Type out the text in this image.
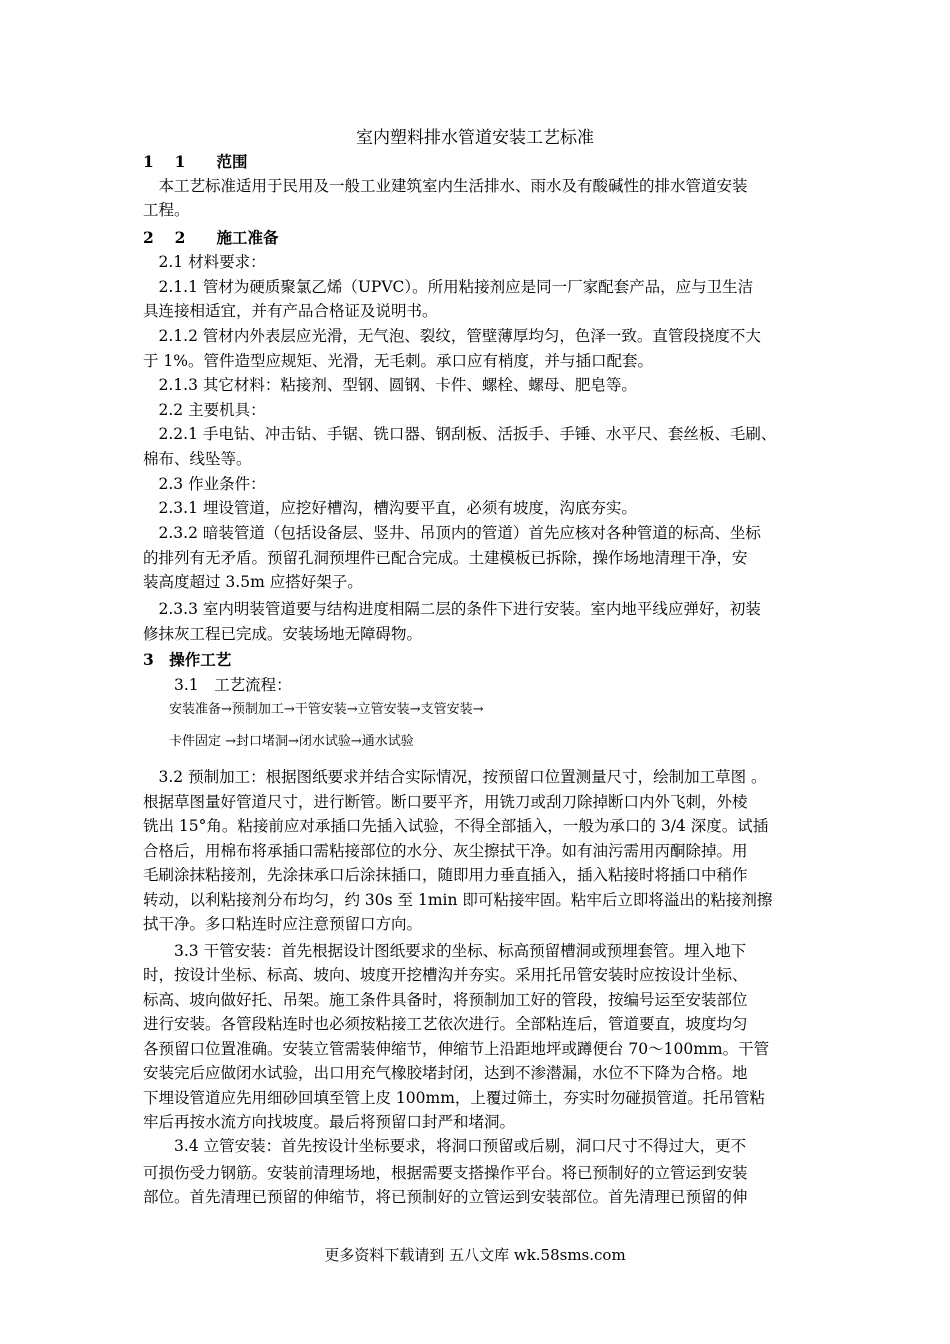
室内塑料排水管道安装工艺标准
1　 1　　范围
　本工艺标准适用于民用及一般工业建筑室内生活排水、雨水及有酸碱性的排水管道安装
工程。
2　 2　　施工准备
　2.1 材料要求：
　2.1.1 管材为硬质聚氯乙烯（UPVC）。所用粘接剂应是同一厂家配套产品，应与卫生洁
具连接相适宜，并有产品合格证及说明书。
　2.1.2 管材内外表层应光滑，无气泡、裂纹，管壁薄厚均匀，色泽一致。直管段挠度不大
于 1%。管件造型应规矩、光滑，无毛刺。承口应有梢度，并与插口配套。
　2.1.3 其它材料：粘接剂、型钢、圆钢、卡件、螺栓、螺母、肥皂等。
　2.2 主要机具：
　2.2.1 手电钻、冲击钻、手锯、铣口器、钢刮板、活扳手、手锤、水平尺、套丝板、毛刷、
棉布、线坠等。
　2.3 作业条件：
　2.3.1 埋设管道，应挖好槽沟，槽沟要平直，必须有坡度，沟底夯实。
　2.3.2 暗装管道（包括设备层、竖井、吊顶内的管道）首先应核对各种管道的标高、坐标
的排列有无矛盾。预留孔洞预埋件已配合完成。土建模板已拆除，操作场地清理干净，安
装高度超过 3.5m 应搭好架子。
　2.3.3 室内明装管道要与结构进度相隔二层的条件下进行安装。室内地平线应弹好，初装
修抹灰工程已完成。安装场地无障碍物。
3　操作工艺
　　3.1　工艺流程：
　　安装准备→预制加工→干管安装→立管安装→支管安装→
　　卡件固定 →封口堵洞→闭水试验→通水试验
　3.2 预制加工：根据图纸要求并结合实际情况，按预留口位置测量尺寸，绘制加工草图 。
根据草图量好管道尺寸，进行断管。断口要平齐，用铣刀或刮刀除掉断口内外飞刺，外棱
铣出 15°角。粘接前应对承插口先插入试验，不得全部插入，一般为承口的 3/4 深度。试插
合格后，用棉布将承插口需粘接部位的水分、灰尘擦拭干净。如有油污需用丙酮除掉。用
毛刷涂抹粘接剂，先涂抹承口后涂抹插口，随即用力垂直插入，插入粘接时将插口中稍作
转动，以利粘接剂分布均匀，约 30s 至 1min 即可粘接牢固。粘牢后立即将溢出的粘接剂擦
拭干净。多口粘连时应注意预留口方向。
　　3.3 干管安装：首先根据设计图纸要求的坐标、标高预留槽洞或预埋套管。埋入地下
时，按设计坐标、标高、坡向、坡度开挖槽沟并夯实。采用托吊管安装时应按设计坐标、
标高、坡向做好托、吊架。施工条件具备时，将预制加工好的管段，按编号运至安装部位
进行安装。各管段粘连时也必须按粘接工艺依次进行。全部粘连后，管道要直，坡度均匀
各预留口位置准确。安装立管需装伸缩节，伸缩节上沿距地坪或蹲便台 70～100mm。干管
安装完后应做闭水试验，出口用充气橡胶堵封闭，达到不渗潜漏，水位不下降为合格。地
下埋设管道应先用细砂回填至管上皮 100mm，上覆过筛土，夯实时勿碰损管道。托吊管粘
牢后再按水流方向找坡度。最后将预留口封严和堵洞。
　　3.4 立管安装：首先按设计坐标要求，将洞口预留或后剔，洞口尺寸不得过大，更不
可损伤受力钢筋。安装前清理场地，根据需要支搭操作平台。将已预制好的立管运到安装
部位。首先清理已预留的伸缩节，将已预制好的立管运到安装部位。首先清理已预留的伸
更多资料下载请到 五八文库 wk.58sms.com
